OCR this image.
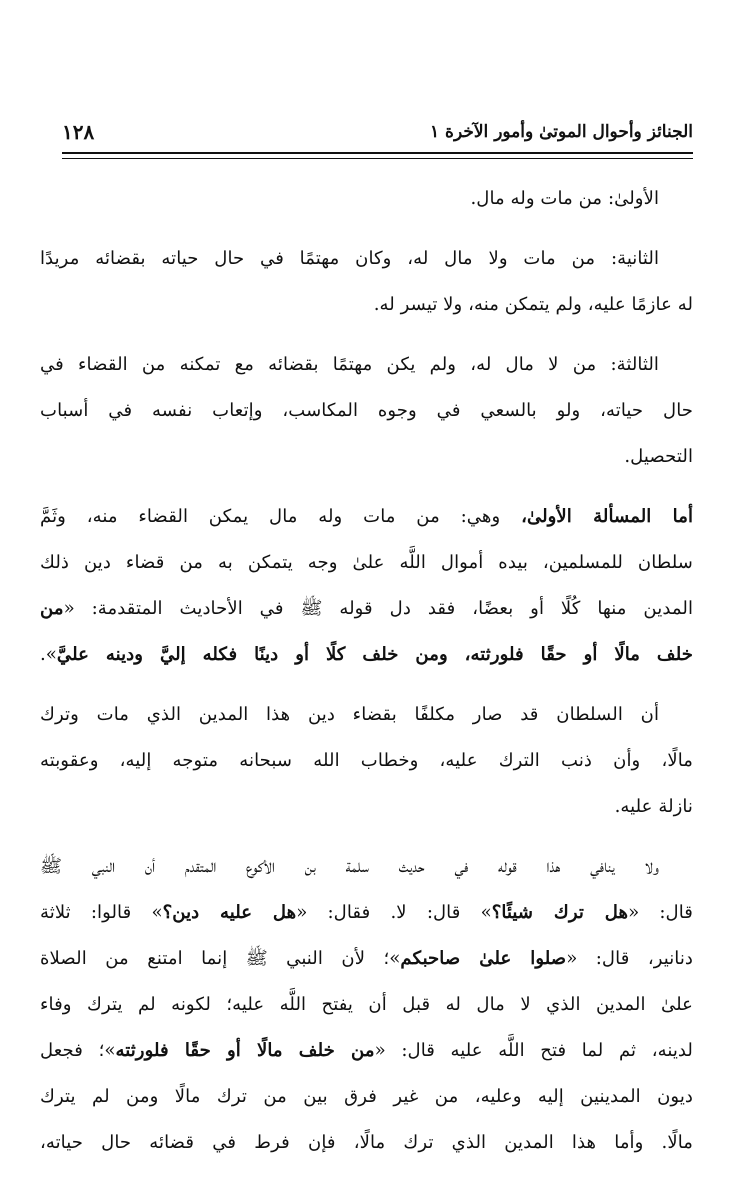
الجنائز وأحوال الموتىٰ وأمور الآخرة ١
١٢٨
الأولىٰ: من مات وله مال.
الثانية: من مات ولا مال له، وكان مهتمًا في حال حياته بقضائه مريدًا
له عازمًا عليه، ولم يتمكن منه، ولا تيسر له.
الثالثة: من لا مال له، ولم يكن مهتمًا بقضائه مع تمكنه من القضاء في
حال حياته، ولو بالسعي في وجوه المكاسب، وإتعاب نفسه في أسباب
التحصيل.
أما المسألة الأولىٰ، وهي: من مات وله مال يمكن القضاء منه، وثَمَّ
سلطان للمسلمين، بيده أموال اللَّه علىٰ وجه يتمكن به من قضاء دين ذلك
المدين منها كُلًا أو بعضًا، فقد دل قوله ﷺ في الأحاديث المتقدمة: «من
خلف مالًا أو حقًا فلورثته، ومن خلف كلًا أو دينًا فكله إليَّ ودينه عليَّ».
أن السلطان قد صار مكلفًا بقضاء دين هذا المدين الذي مات وترك
مالًا، وأن ذنب الترك عليه، وخطاب الله سبحانه متوجه إليه، وعقوبته
نازلة عليه.
ولا ينافي هذا قوله في حديث سلمة بن الأكوع المتقدم أن النبي ﷺ
قال: «هل ترك شيئًا؟» قال: لا. فقال: «هل عليه دين؟» قالوا: ثلاثة
دنانير، قال: «صلوا علىٰ صاحبكم»؛ لأن النبي ﷺ إنما امتنع من الصلاة
علىٰ المدين الذي لا مال له قبل أن يفتح اللَّه عليه؛ لكونه لم يترك وفاء
لدينه، ثم لما فتح اللَّه عليه قال: «من خلف مالًا أو حقًا فلورثته»؛ فجعل
ديون المدينين إليه وعليه، من غير فرق بين من ترك مالًا ومن لم يترك
مالًا. وأما هذا المدين الذي ترك مالًا، فإن فرط في قضائه حال حياته،
